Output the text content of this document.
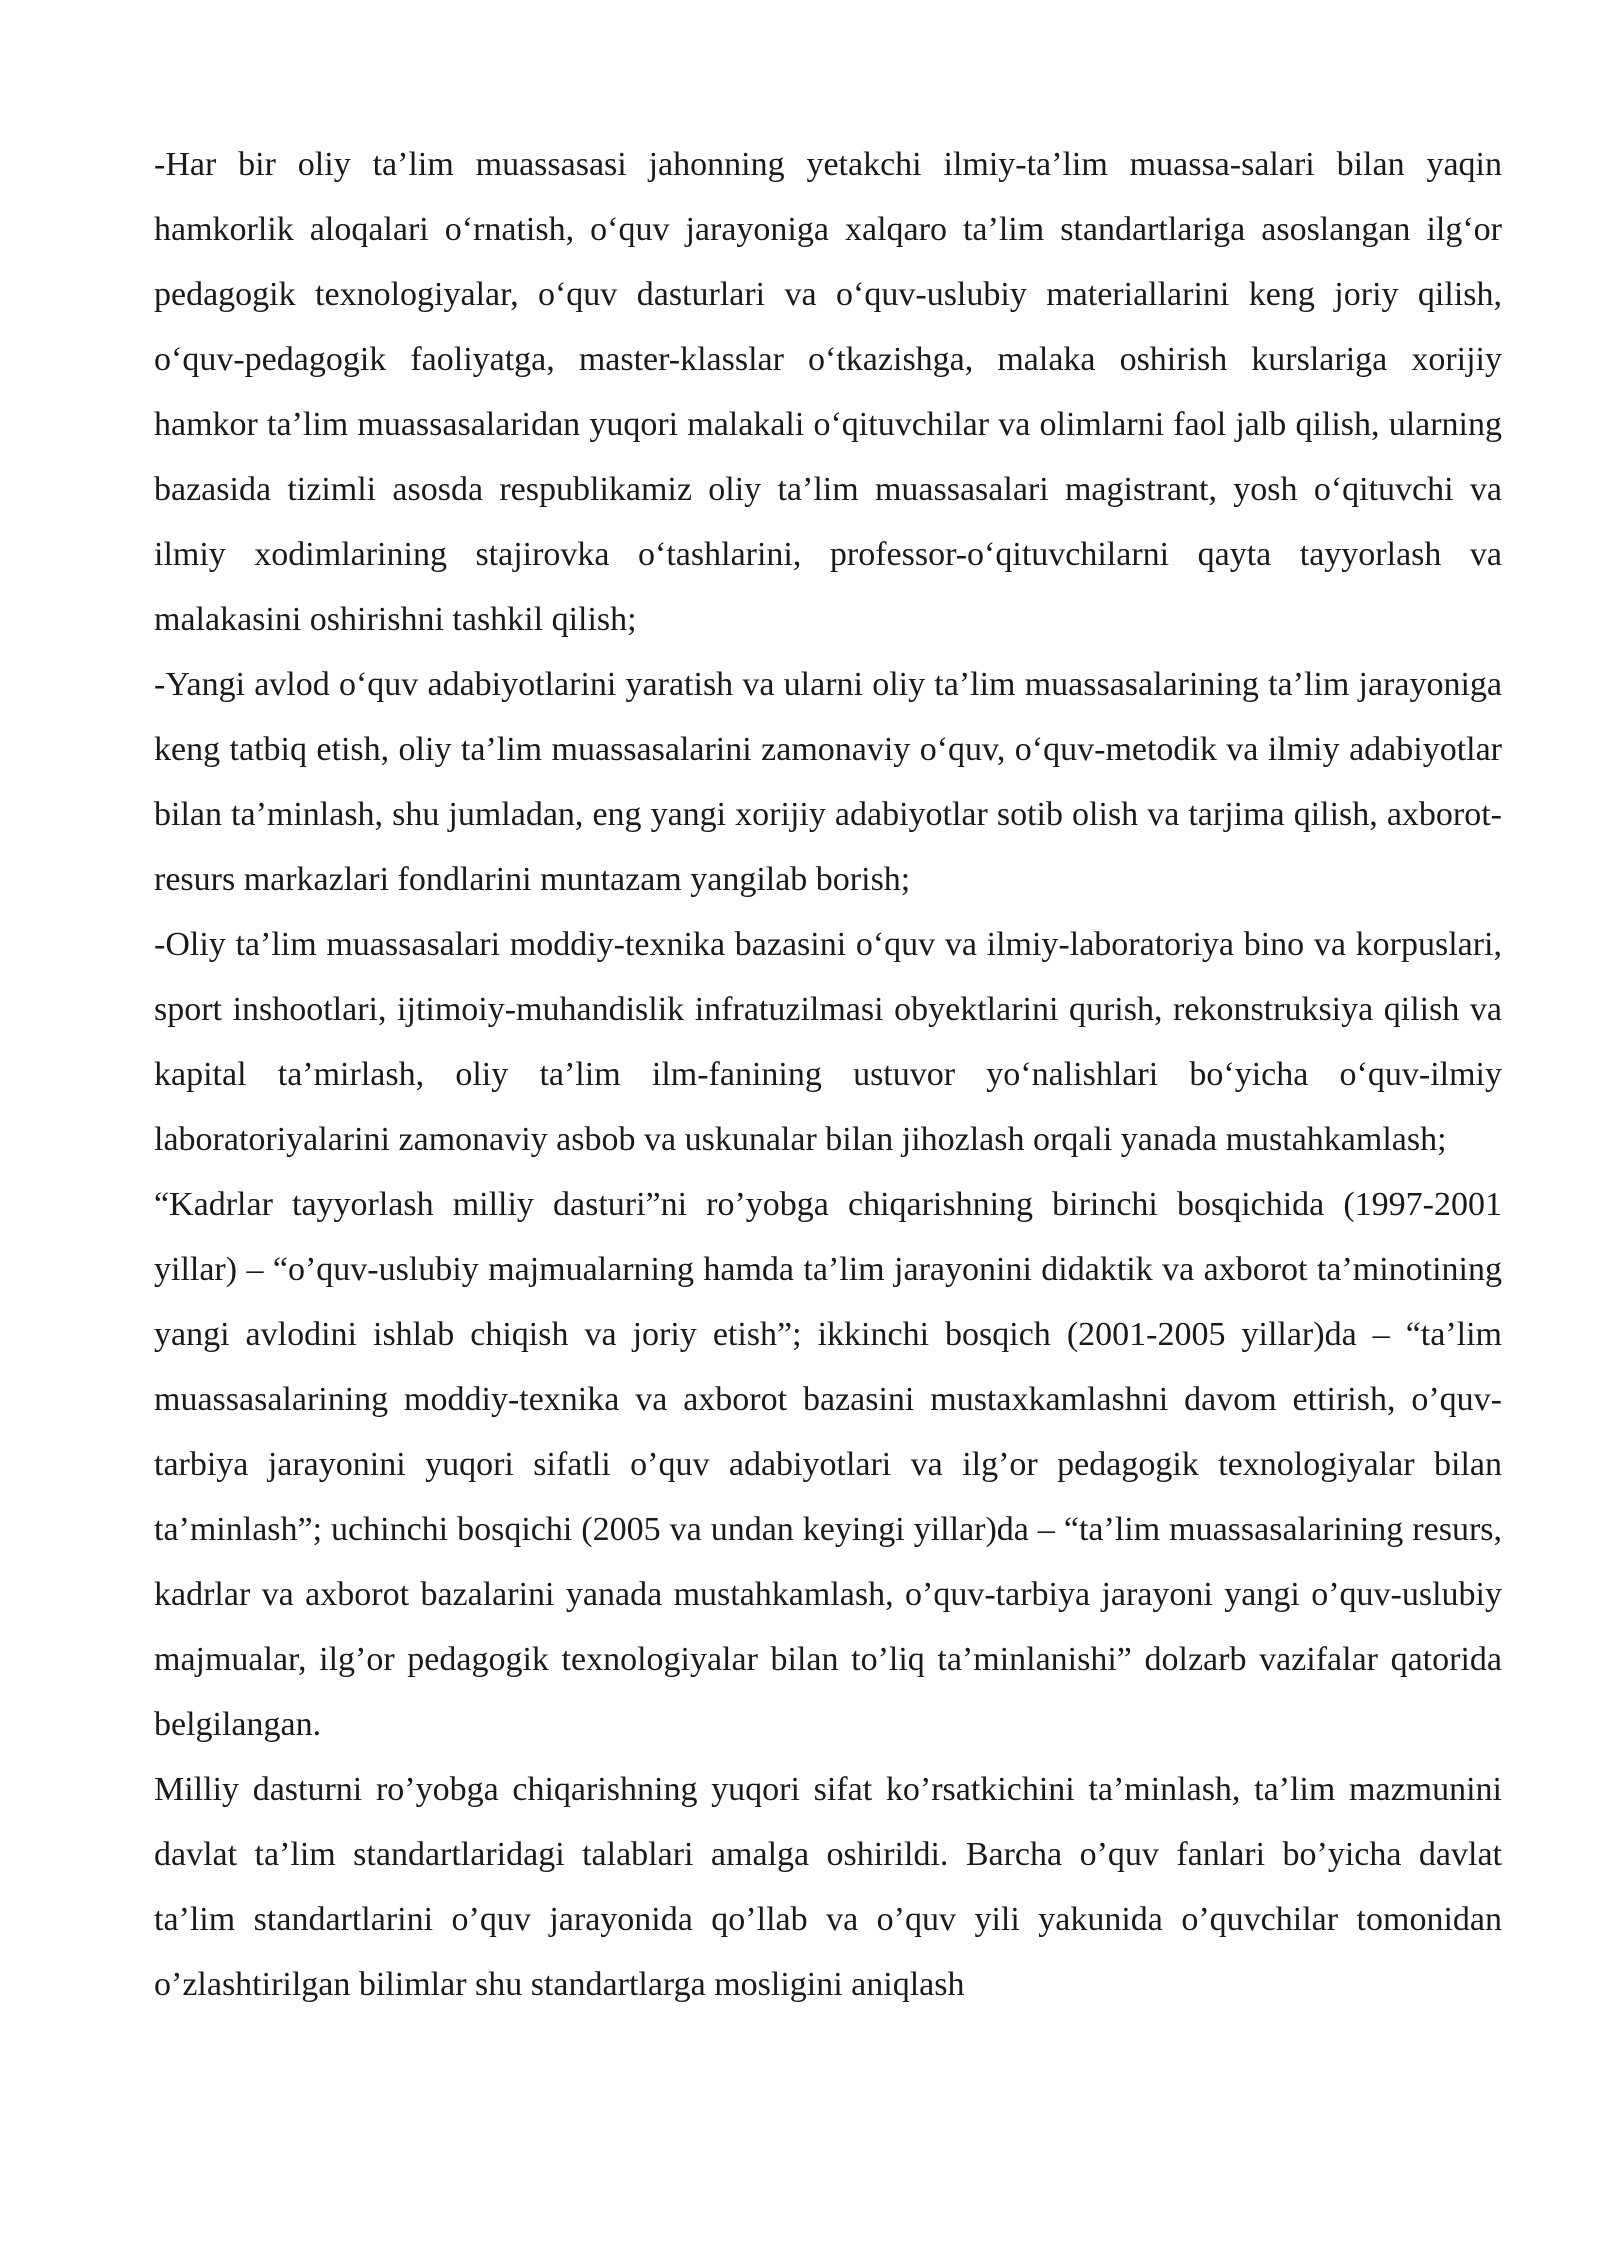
-Har bir oliy ta’lim muassasasi jahonning yetakchi ilmiy-ta’lim muassa-salari bilan yaqin hamkorlik aloqalari o‘rnatish, o‘quv jarayoniga xalqaro ta’lim standartlariga asoslangan ilg‘or pedagogik texnologiyalar, o‘quv dasturlari va o‘quv-uslubiy materiallarini keng joriy qilish, o‘quv-pedagogik faoliyatga, master-klasslar o‘tkazishga, malaka oshirish kurslariga xorijiy hamkor ta’lim muassasalaridan yuqori malakali o‘qituvchilar va olimlarni faol jalb qilish, ularning bazasida tizimli asosda respublikamiz oliy ta’lim muassasalari magistrant, yosh o‘qituvchi va ilmiy xodimlarining stajirovka o‘tashlarini, professor-o‘qituvchilarni qayta tayyorlash va malakasini oshirishni tashkil qilish;

-Yangi avlod o‘quv adabiyotlarini yaratish va ularni oliy ta’lim muassasalarining ta’lim jarayoniga keng tatbiq etish, oliy ta’lim muassasalarini zamonaviy o‘quv, o‘quv-metodik va ilmiy adabiyotlar bilan ta’minlash, shu jumladan, eng yangi xorijiy adabiyotlar sotib olish va tarjima qilish, axborot-resurs markazlari fondlarini muntazam yangilab borish;

-Oliy ta’lim muassasalari moddiy-texnika bazasini o‘quv va ilmiy-laboratoriya bino va korpuslari, sport inshootlari, ijtimoiy-muhandislik infratuzilmasi obyektlarini qurish, rekonstruksiya qilish va kapital ta’mirlash, oliy ta’lim ilm-fanining ustuvor yo‘nalishlari bo‘yicha o‘quv-ilmiy laboratoriyalarini zamonaviy asbob va uskunalar bilan jihozlash orqali yanada mustahkamlash;

“Kadrlar tayyorlash milliy dasturi”ni ro’yobga chiqarishning birinchi bosqichida (1997-2001 yillar) – “o’quv-uslubiy majmualarning hamda ta’lim jarayonini didaktik va axborot ta’minotining yangi avlodini ishlab chiqish va joriy etish”; ikkinchi bosqich (2001-2005 yillar)da – “ta’lim muassasalarining moddiy-texnika va axborot bazasini mustaxkamlashni davom ettirish, o’quv-tarbiya jarayonini yuqori sifatli o’quv adabiyotlari va ilg’or pedagogik texnologiyalar bilan ta’minlash”; uchinchi bosqichi (2005 va undan keyingi yillar)da – “ta’lim muassasalarining resurs, kadrlar va axborot bazalarini yanada mustahkamlash, o’quv-tarbiya jarayoni yangi o’quv-uslubiy majmualar, ilg’or pedagogik texnologiyalar bilan to’liq ta’minlanishi” dolzarb vazifalar qatorida belgilangan.

Milliy dasturni ro’yobga chiqarishning yuqori sifat ko’rsatkichini ta’minlash, ta’lim mazmunini davlat ta’lim standartlaridagi talablari amalga oshirildi. Barcha o’quv fanlari bo’yicha davlat ta’lim standartlarini o’quv jarayonida qo’llab va o’quv yili yakunida o’quvchilar tomonidan o’zlashtirilgan bilimlar shu standartlarga mosligini aniqlash
